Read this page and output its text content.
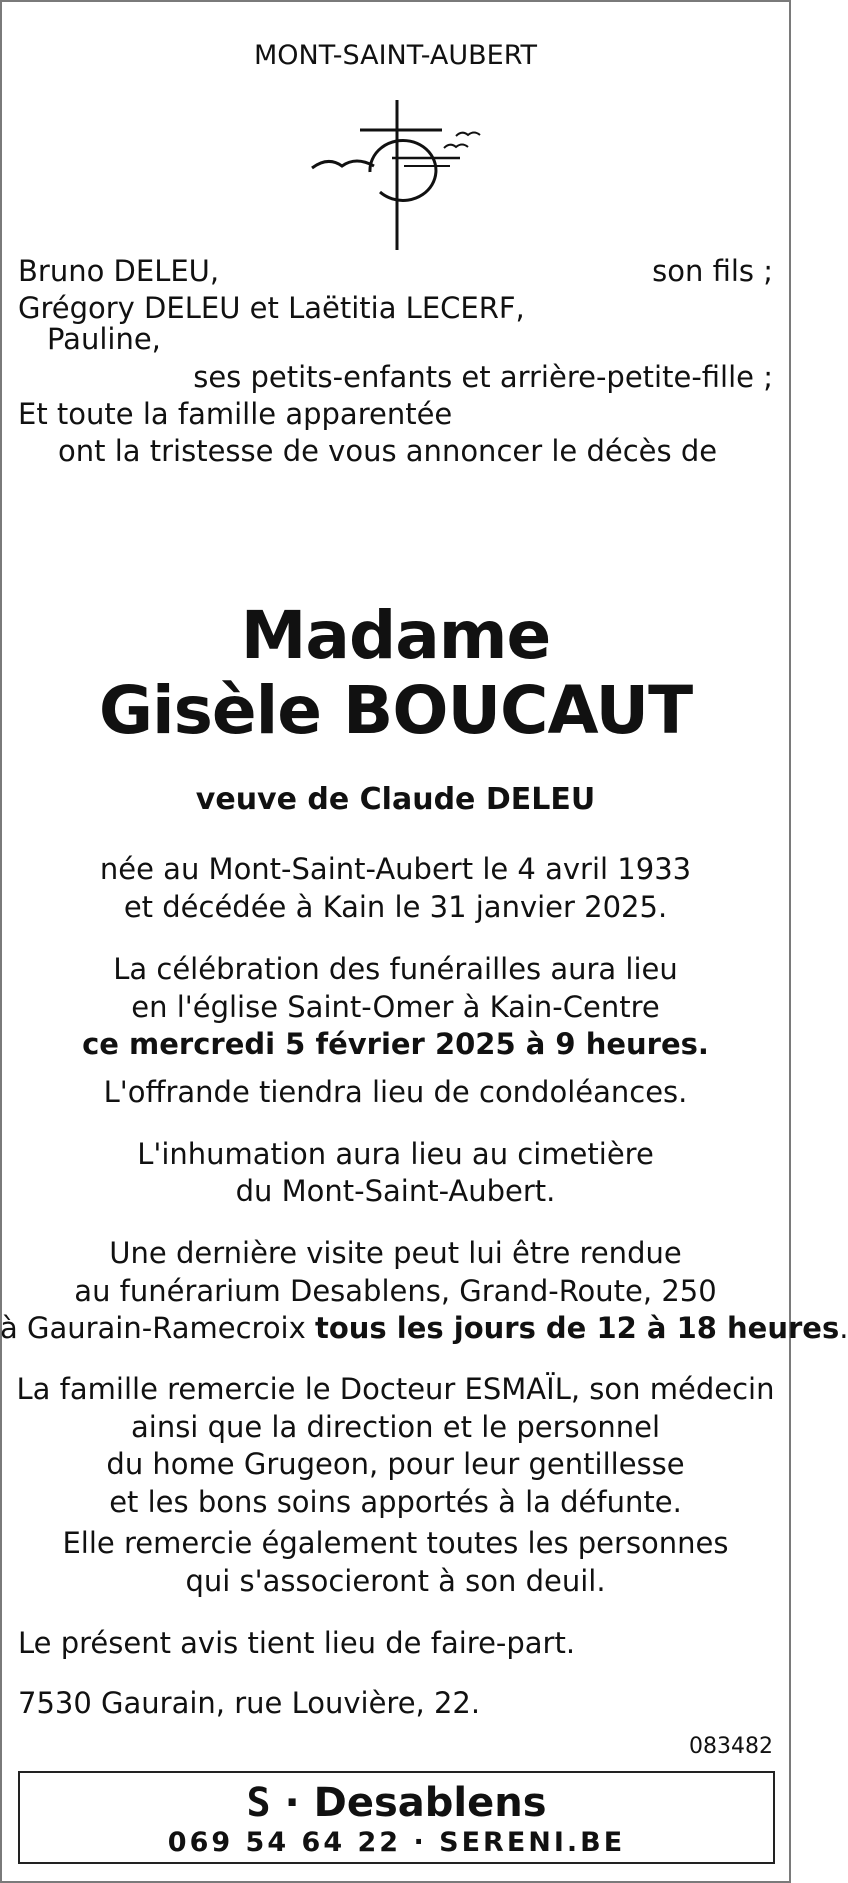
MONT-SAINT-AUBERT
Bruno DELEU,	son fils ;
Grégory DELEU et Laëtitia LECERF,
Pauline,
ses petits-enfants et arrière-petite-fille ;
Et toute la famille apparentée
ont la tristesse de vous annoncer le décès de
Madame
Gisèle BOUCAUT
veuve de Claude DELEU
née au Mont-Saint-Aubert le 4 avril 1933
et décédée à Kain le 31 janvier 2025.
La célébration des funérailles aura lieu
en l'église Saint-Omer à Kain-Centre
ce mercredi 5 février 2025 à 9 heures.
L'offrande tiendra lieu de condoléances.
L'inhumation aura lieu au cimetière
du Mont-Saint-Aubert.
Une dernière visite peut lui être rendue
au funérarium Desablens, Grand-Route, 250
à Gaurain-Ramecroix tous les jours de 12 à 18 heures.
La famille remercie le Docteur ESMAÏL, son médecin
ainsi que la direction et le personnel
du home Grugeon, pour leur gentillesse
et les bons soins apportés à la défunte.
Elle remercie également toutes les personnes
qui s'associeront à son deuil.
Le présent avis tient lieu de faire-part.
7530 Gaurain, rue Louvière, 22.
083482
S · Desablens
069 54 64 22 · SERENI.BE
